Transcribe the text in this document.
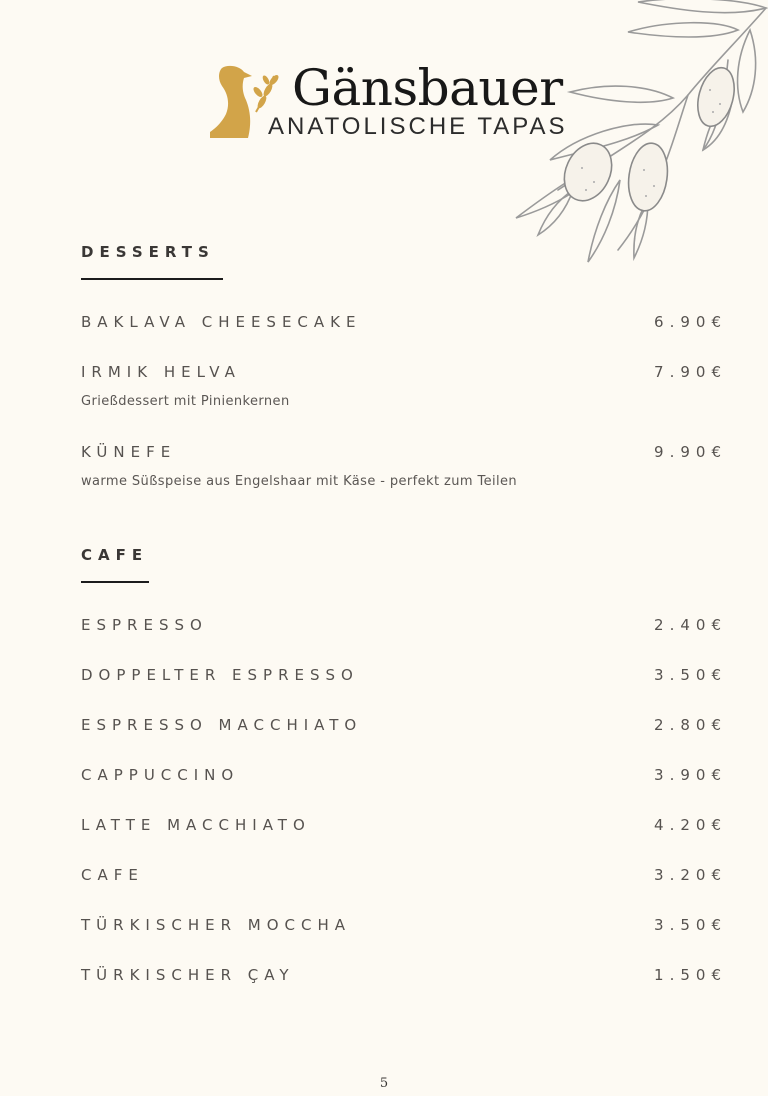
Gänsbauer
ANATOLISCHE TAPAS
DESSERTS
BAKLAVA CHEESECAKE	6.90€
IRMIK HELVA	7.90€
Grießdessert mit Pinienkernen
KÜNEFE	9.90€
warme Süßspeise aus Engelshaar mit Käse - perfekt zum Teilen
CAFE
ESPRESSO	2.40€
DOPPELTER ESPRESSO	3.50€
ESPRESSO MACCHIATO	2.80€
CAPPUCCINO	3.90€
LATTE MACCHIATO	4.20€
CAFE	3.20€
TÜRKISCHER MOCCHA	3.50€
TÜRKISCHER ÇAY	1.50€
5
